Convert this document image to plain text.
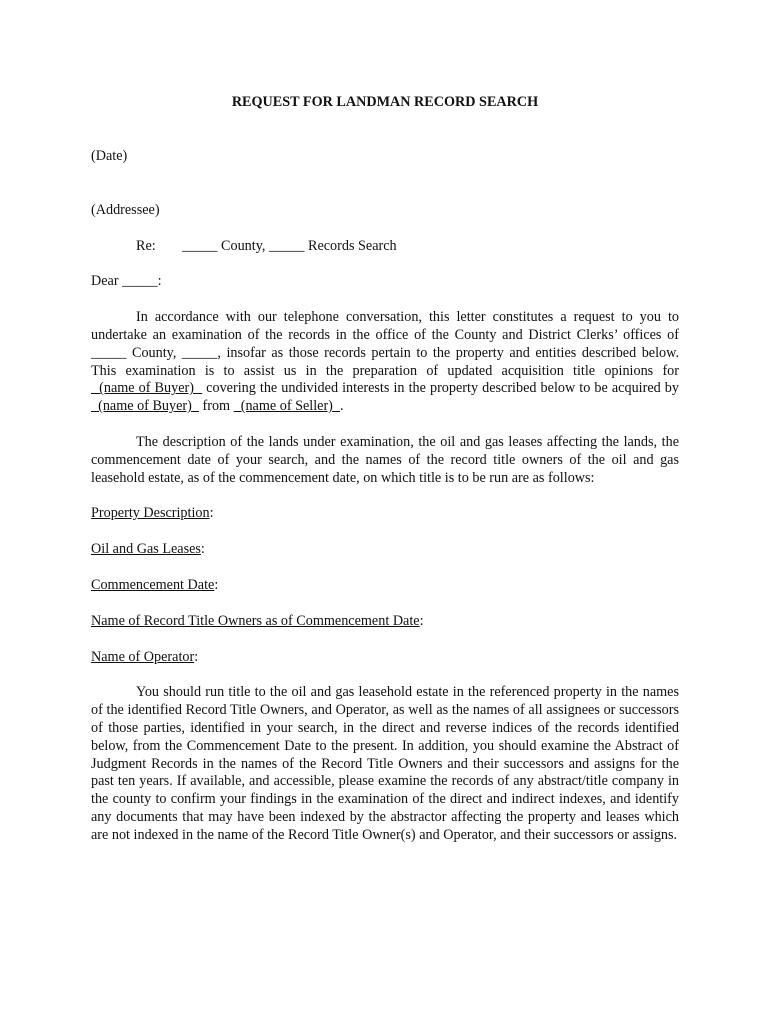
REQUEST FOR LANDMAN RECORD SEARCH

(Date)

(Addressee)

Re: _____ County, _____ Records Search

Dear _____:

In accordance with our telephone conversation, this letter constitutes a request to you to undertake an examination of the records in the office of the County and District Clerks’ offices of _____ County, _____, insofar as those records pertain to the property and entities described below. This examination is to assist us in the preparation of updated acquisition title opinions for   (name of Buyer)   covering the undivided interests in the property described below to be acquired by   (name of Buyer)   from   (name of Seller)  .

The description of the lands under examination, the oil and gas leases affecting the lands, the commencement date of your search, and the names of the record title owners of the oil and gas leasehold estate, as of the commencement date, on which title is to be run are as follows:

Property Description:

Oil and Gas Leases:

Commencement Date:

Name of Record Title Owners as of Commencement Date:

Name of Operator:

You should run title to the oil and gas leasehold estate in the referenced property in the names of the identified Record Title Owners, and Operator, as well as the names of all assignees or successors of those parties, identified in your search, in the direct and reverse indices of the records identified below, from the Commencement Date to the present. In addition, you should examine the Abstract of Judgment Records in the names of the Record Title Owners and their successors and assigns for the past ten years. If available, and accessible, please examine the records of any abstract/title company in the county to confirm your findings in the examination of the direct and indirect indexes, and identify any documents that may have been indexed by the abstractor affecting the property and leases which are not indexed in the name of the Record Title Owner(s) and Operator, and their successors or assigns.
